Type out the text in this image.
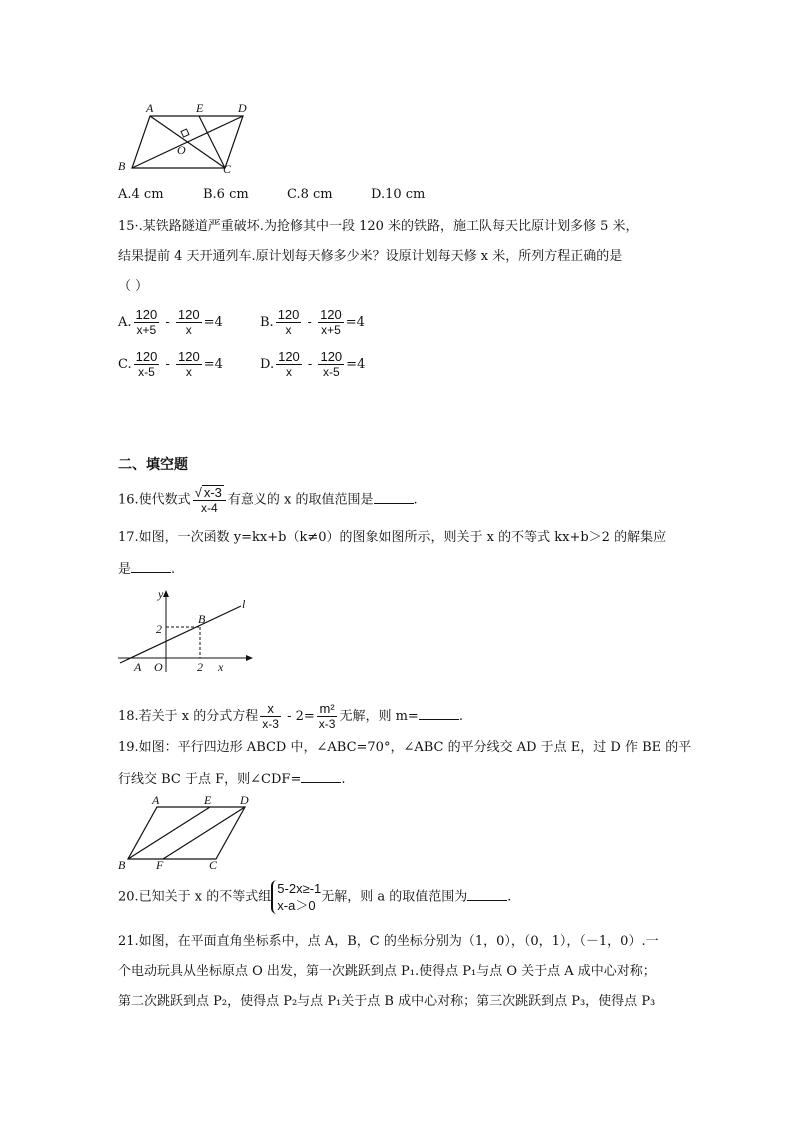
A	E	D
B	C
O
A.4 cm	B.6 cm	C.8 cm	D.10 cm
15·.某铁路隧道严重破坏.为抢修其中一段 120 米的铁路，施工队每天比原计划多修 5 米，
结果提前 4 天开通列车.原计划每天修多少米？设原计划每天修 x 米，所列方程正确的是
（ ）
A. $\frac{120}{x+5} - \frac{120}{x} =4$	B. $\frac{120}{x} - \frac{120}{x+5} =4$
C. $\frac{120}{x-5} - \frac{120}{x} =4$	D. $\frac{120}{x} - \frac{120}{x-5} =4$
二、填空题
16.使代数式 $\frac{√ x-3}{x-4}$ 有意义的 x 的取值范围是	.
17.如图，一次函数 y=kx+b（k≠0）的图象如图所示，则关于 x 的不等式 kx+b＞2 的解集应
是	.
y
l
B
2
A O	2 x
18.若关于 x 的分式方程 $\frac{x}{x-3} - 2= \frac{\text{m²}}{x-3}$ 无解，则 m=	.
19.如图：平行四边形 ABCD 中，∠ABC=70°，∠ABC 的平分线交 AD 于点 E，过 D 作 BE 的平
行线交 BC 于点 F，则∠CDF=	.
A	E D
B	F	C
20.已知关于 x 的不等式组
5-2x≥-1
x-a＞0
无解，则 a 的取值范围为	.
21.如图，在平面直角坐标系中，点 A，B，C 的坐标分别为（1，0），（0，1），（－1，0）.一
个电动玩具从坐标原点 O 出发，第一次跳跃到点 P₁.使得点 P₁与点 O 关于点 A 成中心对称；
第二次跳跃到点 P₂，使得点 P₂与点 P₁关于点 B 成中心对称；第三次跳跃到点 P₃，使得点 P₃
